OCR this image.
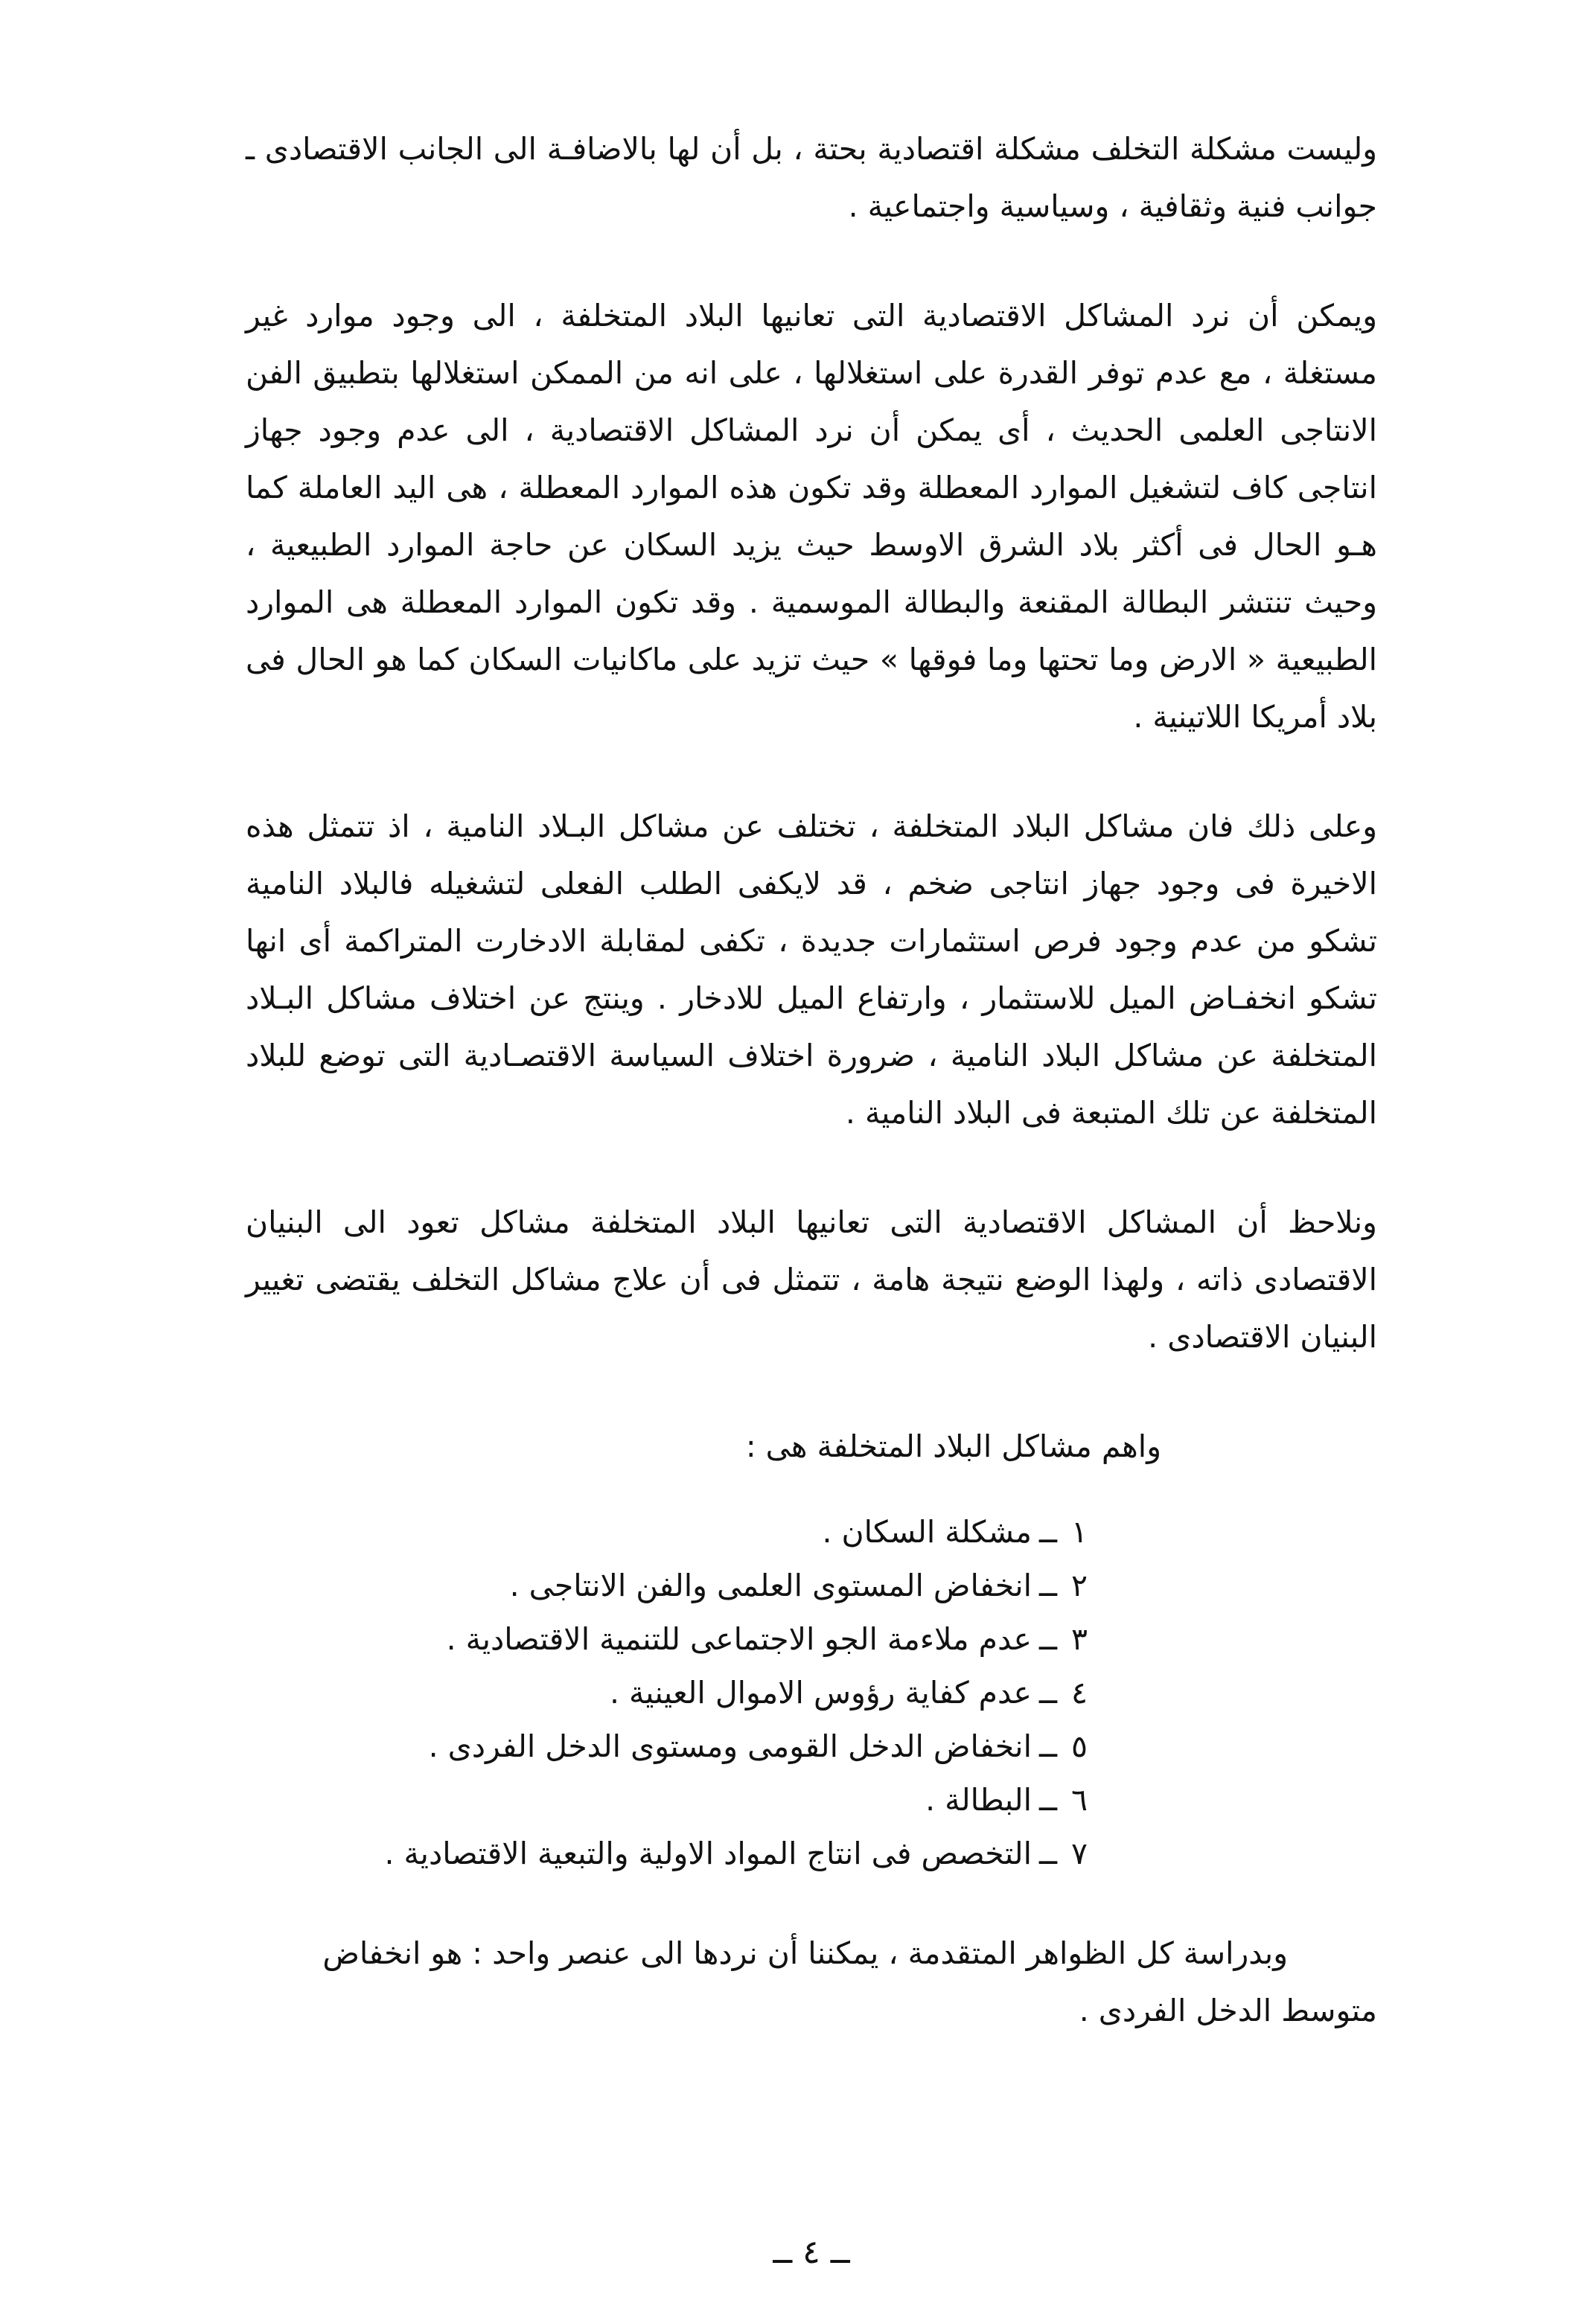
وليست مشكلة التخلف مشكلة اقتصادية بحتة ، بل أن لها بالاضافـة الى الجانب الاقتصادى ـ جوانب فنية وثقافية ، وسياسية واجتماعية .

ويمكن أن نرد المشاكل الاقتصادية التى تعانيها البلاد المتخلفة ، الى وجود موارد غير مستغلة ، مع عدم توفر القدرة على استغلالها ، على انه من الممكن استغلالها بتطبيق الفن الانتاجى العلمى الحديث ، أى يمكن أن نرد المشاكل الاقتصادية ، الى عدم وجود جهاز انتاجى كاف لتشغيل الموارد المعطلة وقد تكون هذه الموارد المعطلة ، هى اليد العاملة كما هـو الحال فى أكثر بلاد الشرق الاوسط حيث يزيد السكان عن حاجة الموارد الطبيعية ، وحيث تنتشر البطالة المقنعة والبطالة الموسمية . وقد تكون الموارد المعطلة هى الموارد الطبيعية « الارض وما تحتها وما فوقها » حيث تزيد على ماكانيات السكان كما هو الحال فى بلاد أمريكا اللاتينية .

وعلى ذلك فان مشاكل البلاد المتخلفة ، تختلف عن مشاكل البـلاد النامية ، اذ تتمثل هذه الاخيرة فى وجود جهاز انتاجى ضخم ، قد لايكفى الطلب الفعلى لتشغيله فالبلاد النامية تشكو من عدم وجود فرص استثمارات جديدة ، تكفى لمقابلة الادخارت المتراكمة أى انها تشكو انخفـاض الميل للاستثمار ، وارتفاع الميل للادخار . وينتج عن اختلاف مشاكل البـلاد المتخلفة عن مشاكل البلاد النامية ، ضرورة اختلاف السياسة الاقتصـادية التى توضع للبلاد المتخلفة عن تلك المتبعة فى البلاد النامية .

ونلاحظ أن المشاكل الاقتصادية التى تعانيها البلاد المتخلفة مشاكل تعود الى البنيان الاقتصادى ذاته ، ولهذا الوضع نتيجة هامة ، تتمثل فى أن علاج مشاكل التخلف يقتضى تغيير البنيان الاقتصادى .

واهم مشاكل البلاد المتخلفة هى :

١
ــ
مشكلة السكان .
٢
ــ
انخفاض المستوى العلمى والفن الانتاجى .
٣
ــ
عدم ملاءمة الجو الاجتماعى للتنمية الاقتصادية .
٤
ــ
عدم كفاية رؤوس الاموال العينية .
٥
ــ
انخفاض الدخل القومى ومستوى الدخل الفردى .
٦
ــ
البطالة .
٧
ــ
التخصص فى انتاج المواد الاولية والتبعية الاقتصادية .

وبدراسة كل الظواهر المتقدمة ، يمكننا أن نردها الى عنصر واحد : هو انخفاض متوسط الدخل الفردى .

ــ ٤ ــ
